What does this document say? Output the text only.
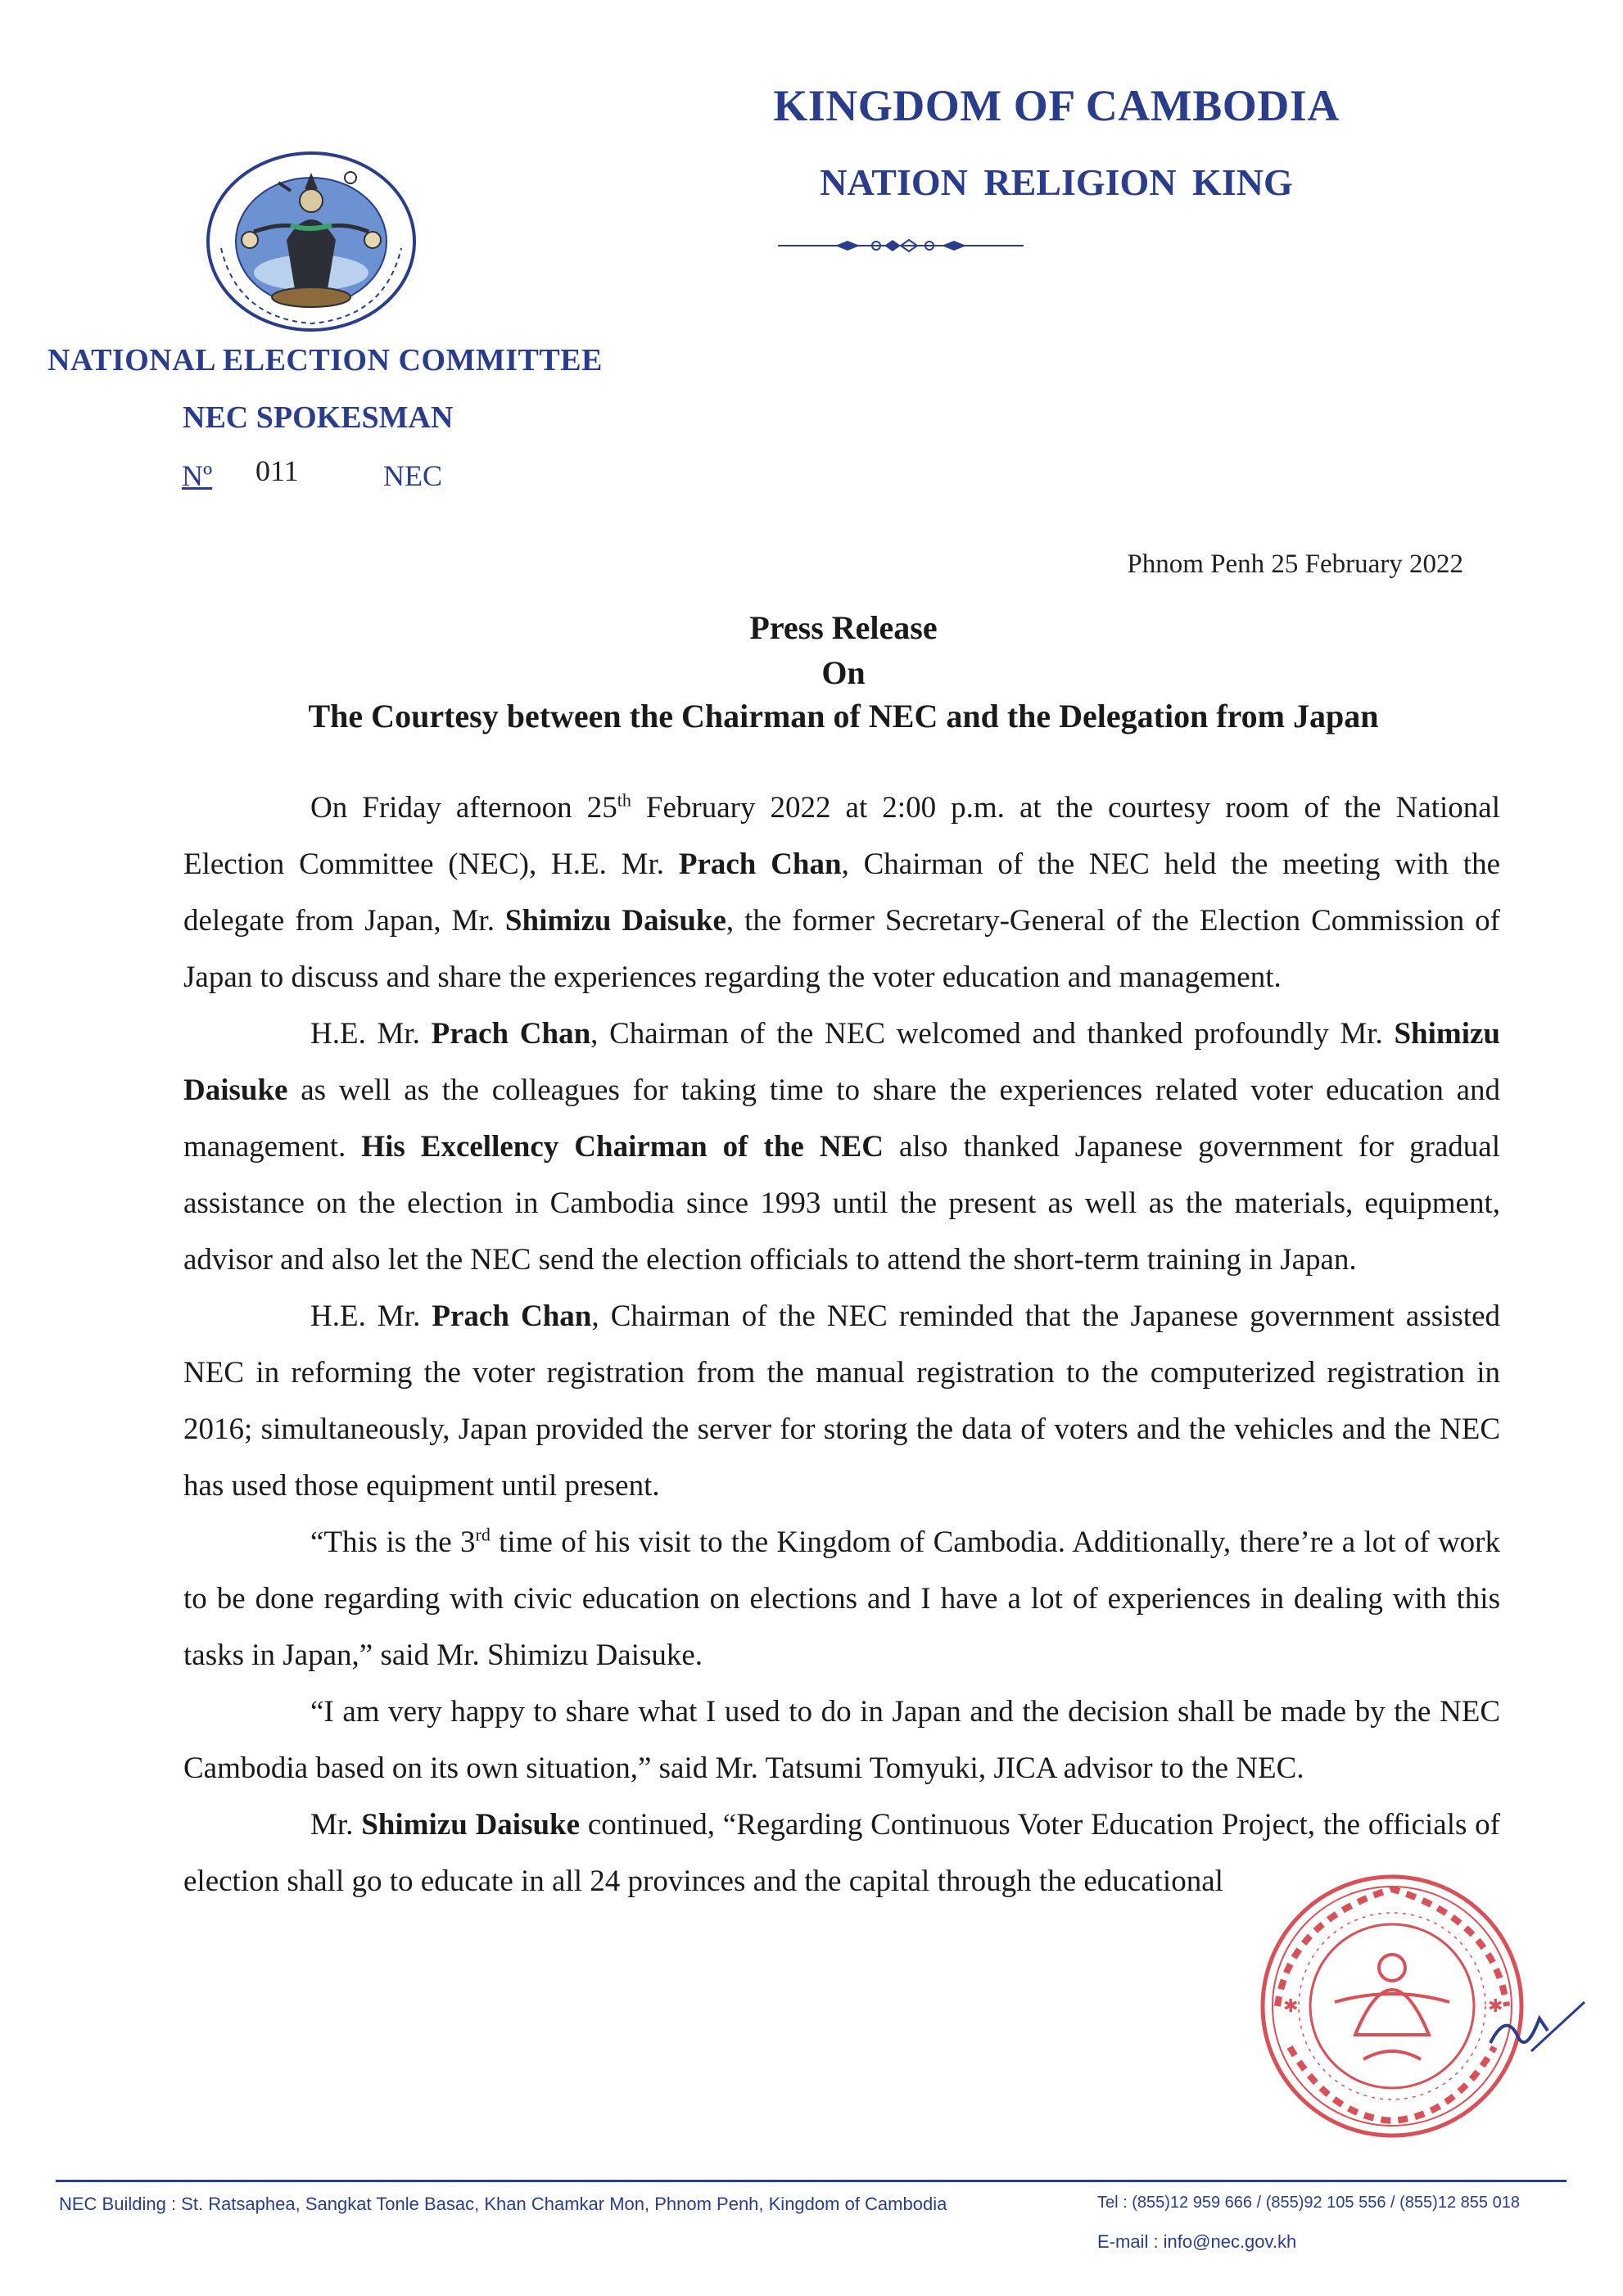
KINGDOM OF CAMBODIA
NATION RELIGION KING
NATIONAL ELECTION COMMITTEE
NEC SPOKESMAN
Nº 011	NEC
Phnom Penh 25 February 2022
Press Release
On
The Courtesy between the Chairman of NEC and the Delegation from Japan

On Friday afternoon 25th February 2022 at 2:00 p.m. at the courtesy room of the National Election Committee (NEC), H.E. Mr. Prach Chan, Chairman of the NEC held the meeting with the delegate from Japan, Mr. Shimizu Daisuke, the former Secretary-General of the Election Commission of Japan to discuss and share the experiences regarding the voter education and management.

H.E. Mr. Prach Chan, Chairman of the NEC welcomed and thanked profoundly Mr. Shimizu Daisuke as well as the colleagues for taking time to share the experiences related voter education and management. His Excellency Chairman of the NEC also thanked Japanese government for gradual assistance on the election in Cambodia since 1993 until the present as well as the materials, equipment, advisor and also let the NEC send the election officials to attend the short-term training in Japan.

H.E. Mr. Prach Chan, Chairman of the NEC reminded that the Japanese government assisted NEC in reforming the voter registration from the manual registration to the computerized registration in 2016; simultaneously, Japan provided the server for storing the data of voters and the vehicles and the NEC has used those equipment until present.

“This is the 3rd time of his visit to the Kingdom of Cambodia. Additionally, there’re a lot of work to be done regarding with civic education on elections and I have a lot of experiences in dealing with this tasks in Japan,” said Mr. Shimizu Daisuke.

“I am very happy to share what I used to do in Japan and the decision shall be made by the NEC Cambodia based on its own situation,” said Mr. Tatsumi Tomyuki, JICA advisor to the NEC.

Mr. Shimizu Daisuke continued, “Regarding Continuous Voter Education Project, the officials of election shall go to educate in all 24 provinces and the capital through the educational

✱	✱
NEC Building : St. Ratsaphea, Sangkat Tonle Basac, Khan Chamkar Mon, Phnom Penh, Kingdom of Cambodia	Tel : (855)12 959 666 / (855)92 105 556 / (855)12 855 018
E-mail : info@nec.gov.kh
